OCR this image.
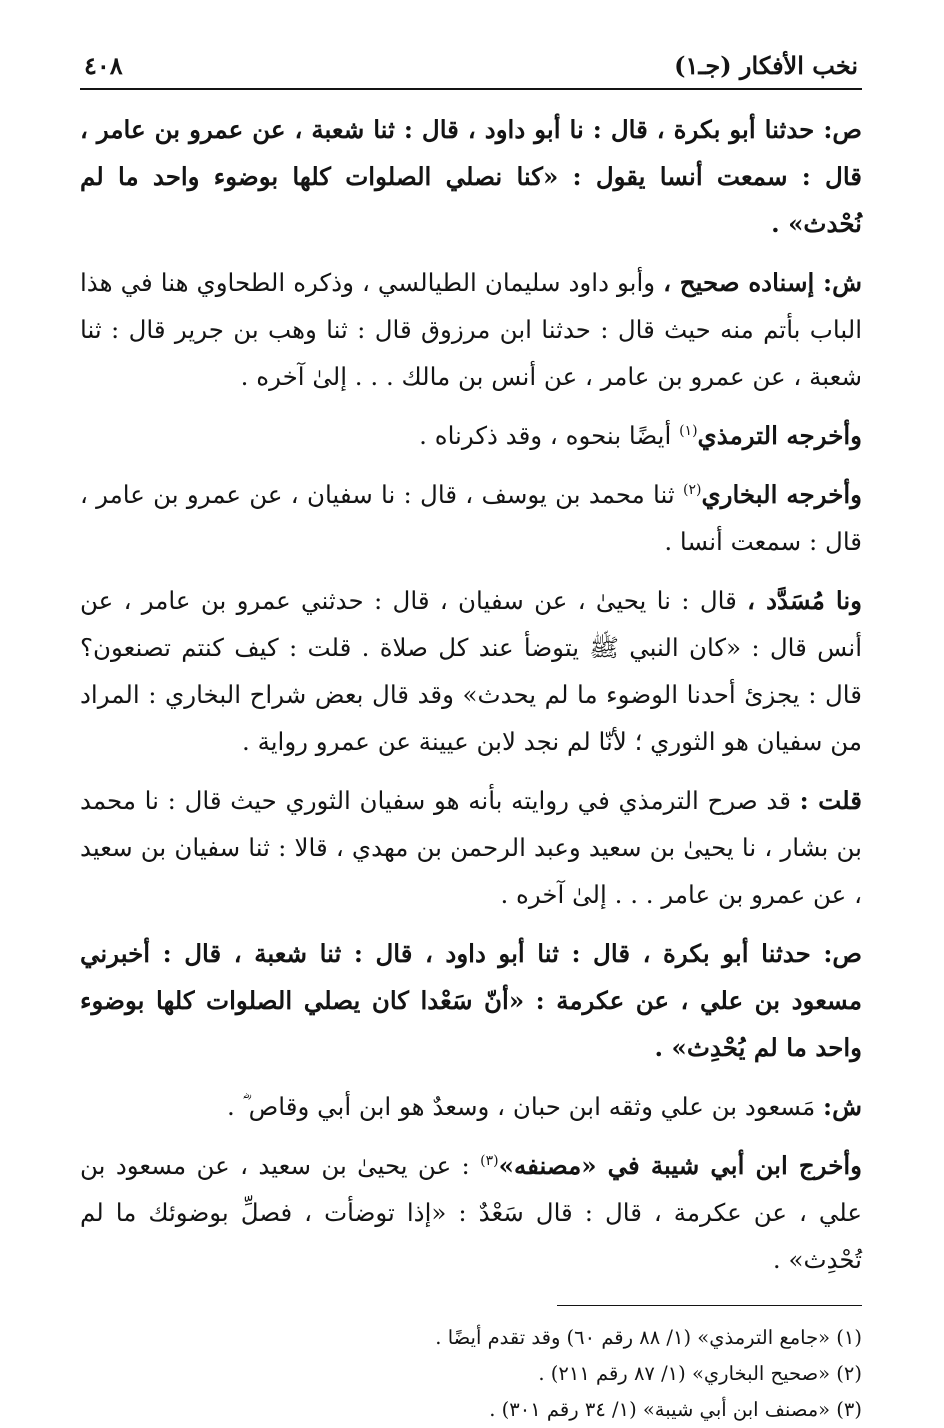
نخب الأفكار (جـ١)
٤٠٨

ص: حدثنا أبو بكرة ، قال : نا أبو داود ، قال : ثنا شعبة ، عن عمرو بن عامر ، قال : سمعت أنسا يقول : «كنا نصلي الصلوات كلها بوضوء واحد ما لم نُحْدث» .

ش: إسناده صحيح ، وأبو داود سليمان الطيالسي ، وذكره الطحاوي هنا في هذا الباب بأتم منه حيث قال : حدثنا ابن مرزوق قال : ثنا وهب بن جرير قال : ثنا شعبة ، عن عمرو بن عامر ، عن أنس بن مالك . . . إلىٰ آخره .

وأخرجه الترمذي$^{(١)}$ أيضًا بنحوه ، وقد ذكرناه .

وأخرجه البخاري$^{(٢)}$ ثنا محمد بن يوسف ، قال : نا سفيان ، عن عمرو بن عامر ، قال : سمعت أنسا .

ونا مُسَدَّد ، قال : نا يحيىٰ ، عن سفيان ، قال : حدثني عمرو بن عامر ، عن أنس قال : «كان النبي ﷺ يتوضأ عند كل صلاة . قلت : كيف كنتم تصنعون؟ قال : يجزئ أحدنا الوضوء ما لم يحدث» وقد قال بعض شراح البخاري : المراد من سفيان هو الثوري ؛ لأنّا لم نجد لابن عيينة عن عمرو رواية .

قلت : قد صرح الترمذي في روايته بأنه هو سفيان الثوري حيث قال : نا محمد بن بشار ، نا يحيىٰ بن سعيد وعبد الرحمن بن مهدي ، قالا : ثنا سفيان بن سعيد ، عن عمرو بن عامر . . . إلىٰ آخره .

ص: حدثنا أبو بكرة ، قال : ثنا أبو داود ، قال : ثنا شعبة ، قال : أخبرني مسعود بن علي ، عن عكرمة : «أنّ سَعْدا كان يصلي الصلوات كلها بوضوء واحد ما لم يُحْدِث» .

ش: مَسعود بن علي وثقه ابن حبان ، وسعدٌ هو ابن أبي وقاص ؓ .

وأخرج ابن أبي شيبة في «مصنفه»$^{(٣)}$ : عن يحيىٰ بن سعيد ، عن مسعود بن علي ، عن عكرمة ، قال : قال سَعْدٌ : «إذا توضأت ، فصلِّ بوضوئك ما لم تُحْدِث» .

(١) «جامع الترمذي» (١/ ٨٨ رقم ٦٠) وقد تقدم أيضًا .

(٢) «صحيح البخاري» (١/ ٨٧ رقم ٢١١) .

(٣) «مصنف ابن أبي شيبة» (١/ ٣٤ رقم ٣٠١) .
